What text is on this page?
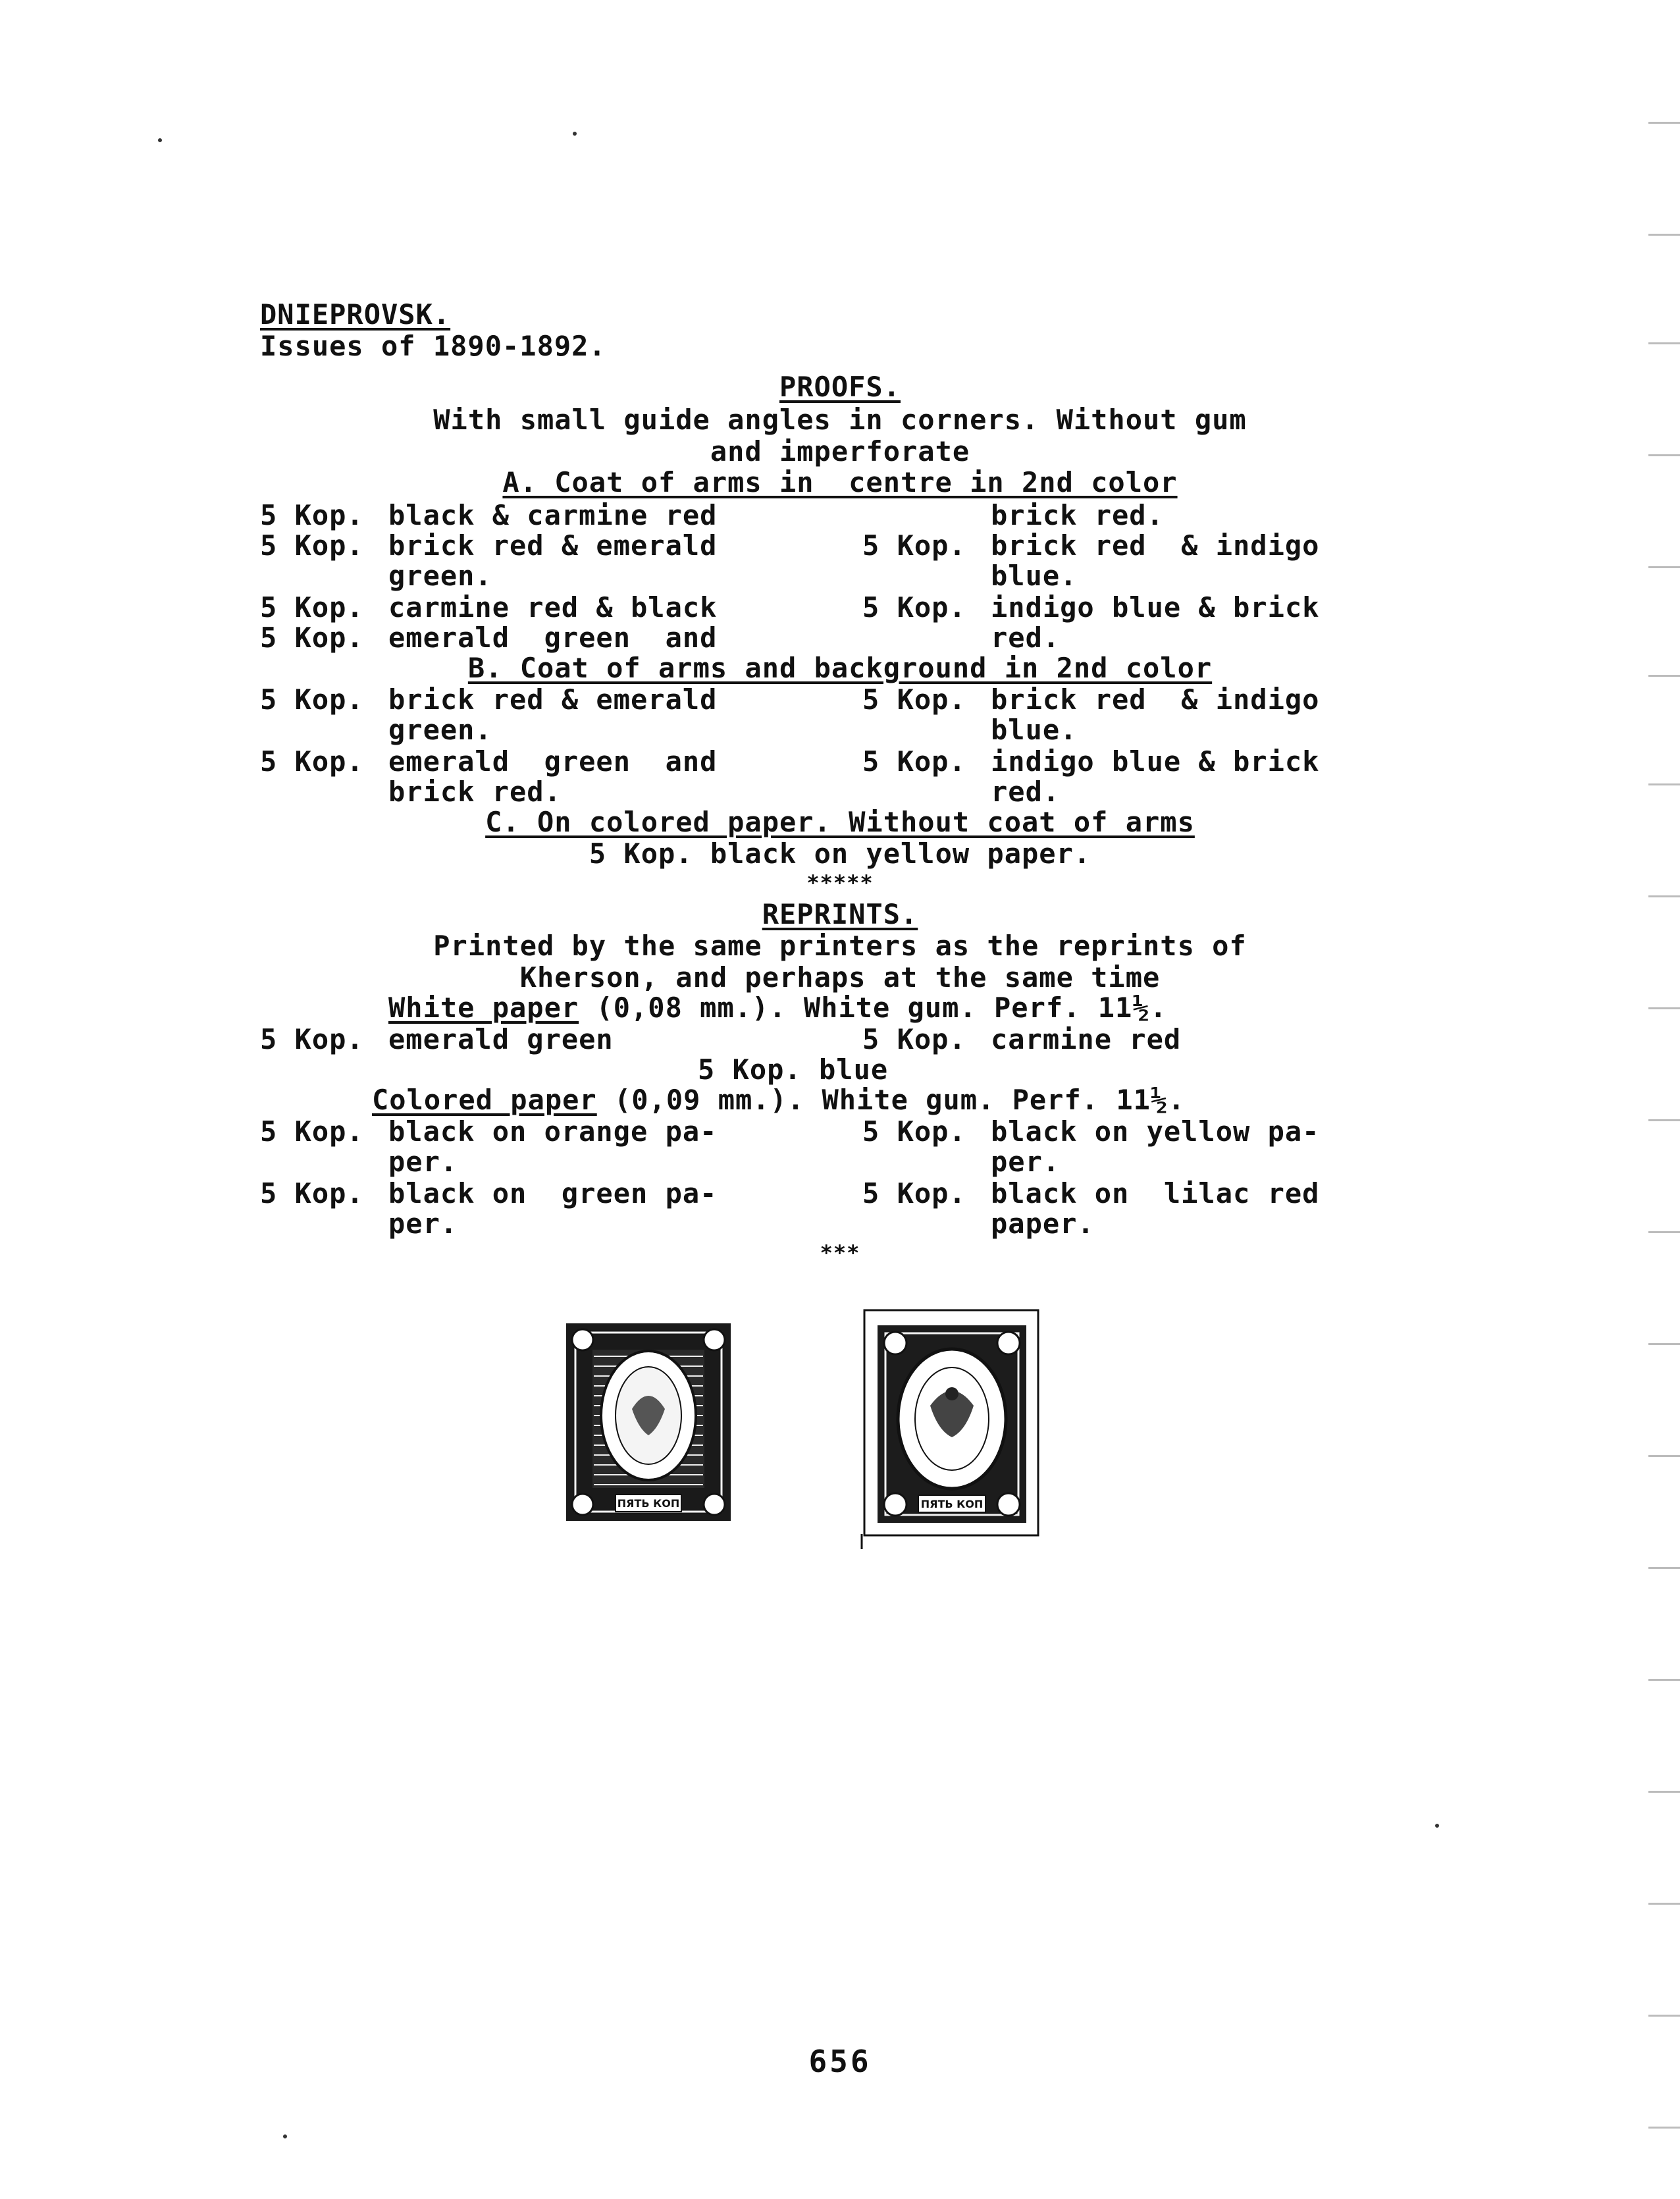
DNIEPROVSK.
Issues of 1890-1892.
PROOFS.
With small guide angles in corners. Without gum
and imperforate
A. Coat of arms in  centre in 2nd color
5 Kop. black & carmine red	brick red.
5 Kop. brick red & emerald	5 Kop. brick red  & indigo
green.	blue.
5 Kop. carmine red & black	5 Kop. indigo blue & brick
5 Kop. emerald  green  and	red.
B. Coat of arms and background in 2nd color
5 Kop. brick red & emerald	5 Kop. brick red  & indigo
green.	blue.
5 Kop. emerald  green  and	5 Kop. indigo blue & brick
brick red.	red.
C. On colored paper. Without coat of arms
5 Kop. black on yellow paper.
*****
REPRINTS.
Printed by the same printers as the reprints of
Kherson, and perhaps at the same time
White paper (0,08 mm.). White gum. Perf. 11½.
5 Kop. emerald green	5 Kop. carmine red
5 Kop. blue
Colored paper (0,09 mm.). White gum. Perf. 11½.
5 Kop. black on orange pa-	5 Kop. black on yellow pa-
per.	per.
5 Kop. black on  green pa-	5 Kop. black on  lilac red
per.	paper.
***
ПЯТЬ КОП	ПЯТЬ КОП
656
